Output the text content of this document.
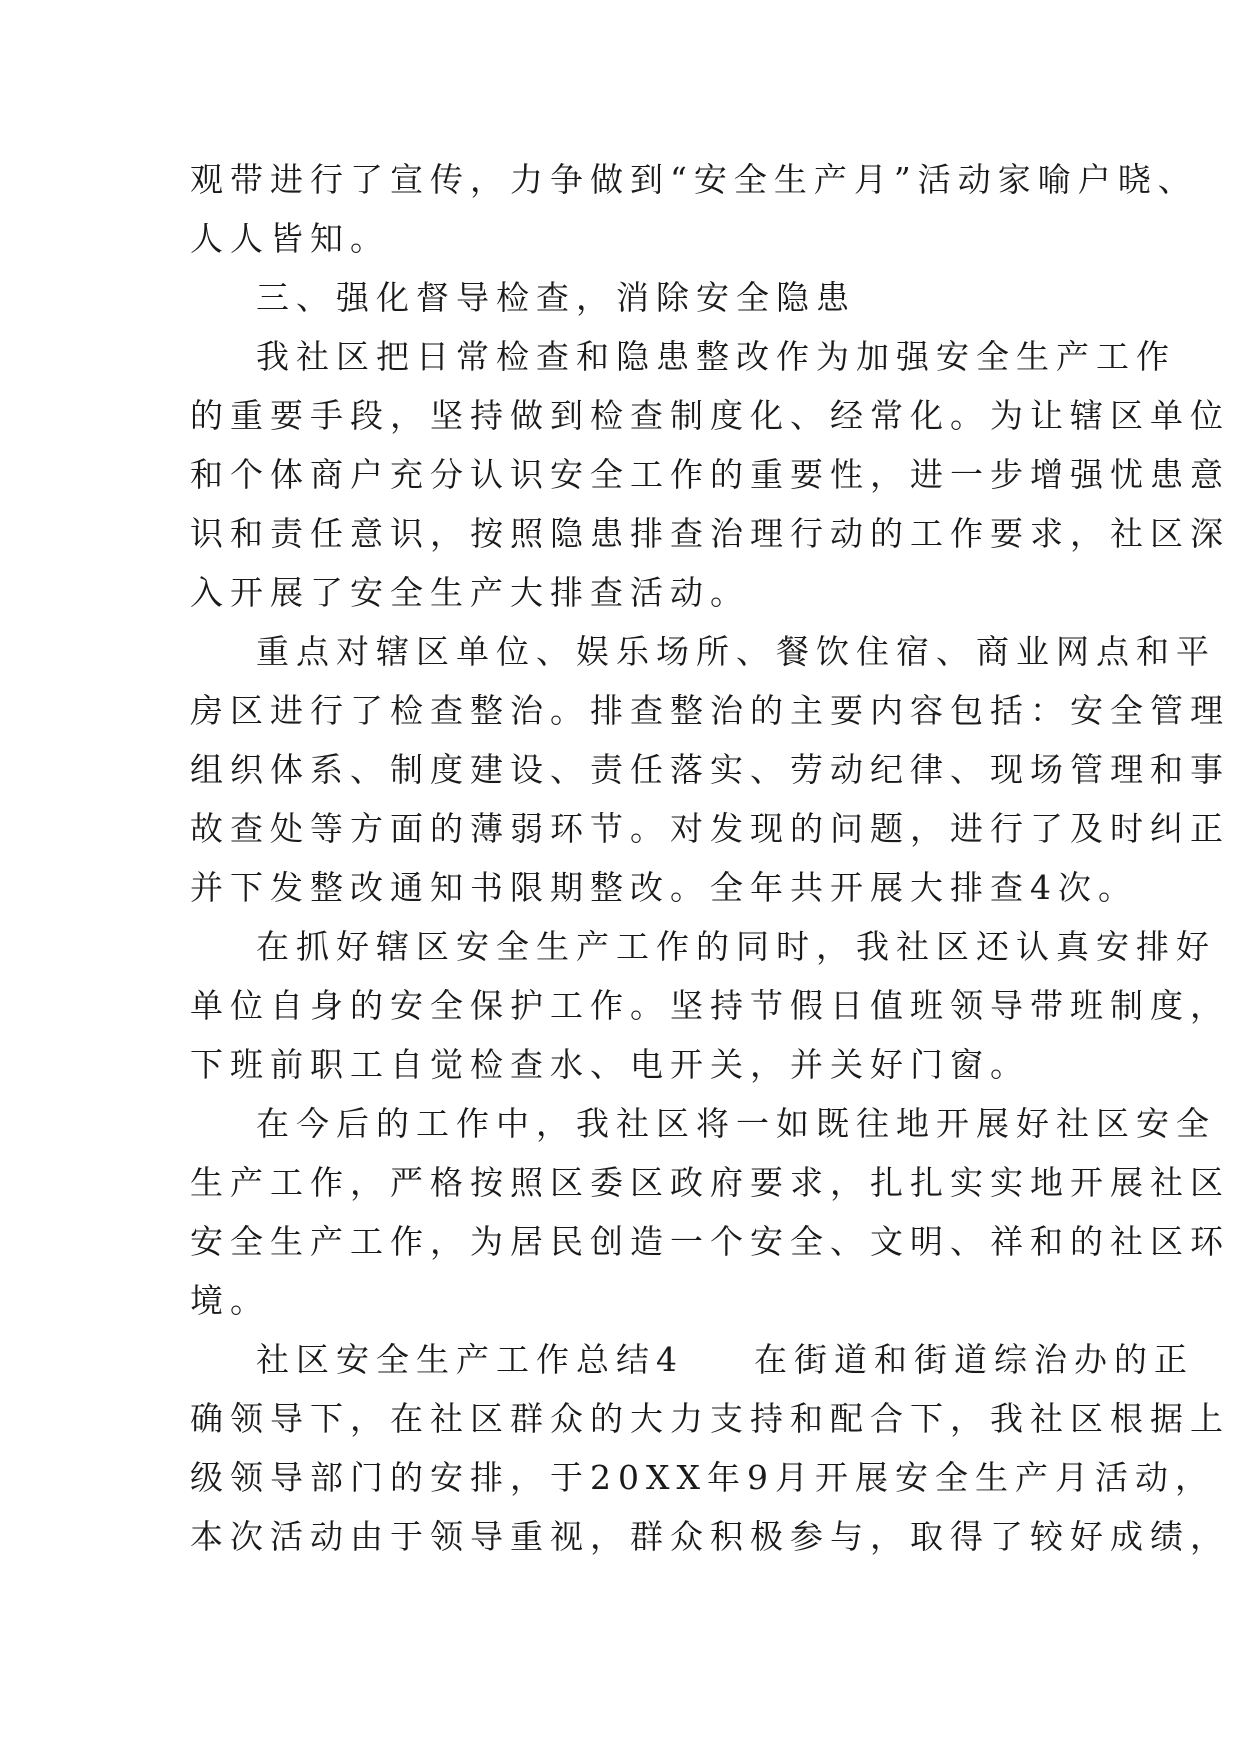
观带进行了宣传，力争做到“安全生产月”活动家喻户晓、
人人皆知。
三、强化督导检查，消除安全隐患
我社区把日常检查和隐患整改作为加强安全生产工作
的重要手段，坚持做到检查制度化、经常化。为让辖区单位
和个体商户充分认识安全工作的重要性，进一步增强忧患意
识和责任意识，按照隐患排查治理行动的工作要求，社区深
入开展了安全生产大排查活动。
重点对辖区单位、娱乐场所、餐饮住宿、商业网点和平
房区进行了检查整治。排查整治的主要内容包括：安全管理
组织体系、制度建设、责任落实、劳动纪律、现场管理和事
故查处等方面的薄弱环节。对发现的问题，进行了及时纠正
并下发整改通知书限期整改。全年共开展大排查4次。
在抓好辖区安全生产工作的同时，我社区还认真安排好
单位自身的安全保护工作。坚持节假日值班领导带班制度，
下班前职工自觉检查水、电开关，并关好门窗。
在今后的工作中，我社区将一如既往地开展好社区安全
生产工作，严格按照区委区政府要求，扎扎实实地开展社区
安全生产工作，为居民创造一个安全、文明、祥和的社区环
境。
社区安全生产工作总结4 在街道和街道综治办的正
确领导下，在社区群众的大力支持和配合下，我社区根据上
级领导部门的安排，于20XX年9月开展安全生产月活动，
本次活动由于领导重视，群众积极参与，取得了较好成绩，
